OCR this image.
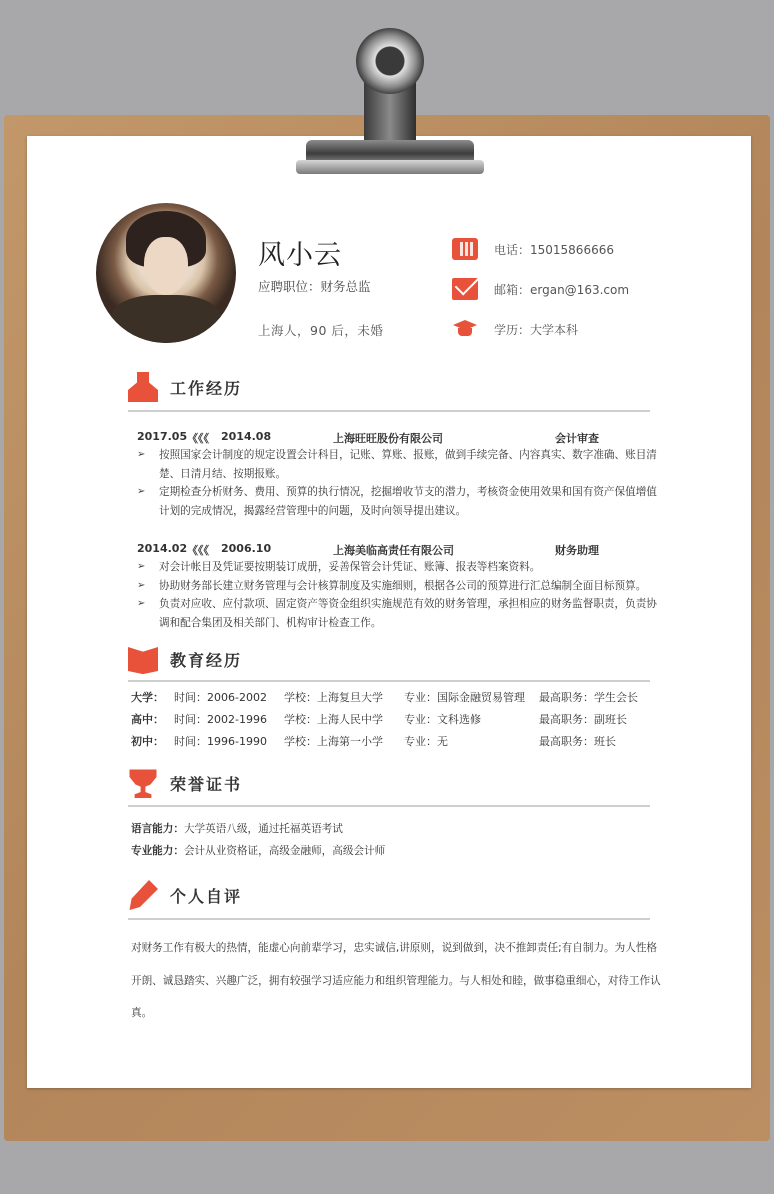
风小云
应聘职位：财务总监
上海人，90 后，未婚
电话：15015866666
邮箱：ergan@163.com
学历：大学本科
工作经历
2017.05 《《《 2014.08	上海旺旺股份有限公司	会计审查
➢ 按照国家会计制度的规定设置会计科目，记账、算账、报账，做到手续完备、内容真实、数字准确、账目清楚、日清月结、按期报账。
➢ 定期检查分析财务、费用、预算的执行情况，挖掘增收节支的潜力，考核资金使用效果和国有资产保值增值计划的完成情况，揭露经营管理中的问题，及时向领导提出建议。
2014.02 《《《 2006.10	上海美临高责任有限公司	财务助理
➢ 对会计帐目及凭证要按期装订成册，妥善保管会计凭证、账簿、报表等档案资料。
➢ 协助财务部长建立财务管理与会计核算制度及实施细则，根据各公司的预算进行汇总编制全面目标预算。
➢ 负责对应收、应付款项、固定资产等资金组织实施规范有效的财务管理，承担相应的财务监督职责，负责协调和配合集团及相关部门、机构审计检查工作。
教育经历
大学： 时间：2006-2002 学校：上海复旦大学 专业：国际金融贸易管理 最高职务：学生会长
高中： 时间：2002-1996 学校：上海人民中学 专业：文科选修	最高职务：副班长
初中： 时间：1996-1990 学校：上海第一小学 专业：无	最高职务：班长
荣誉证书
语言能力：大学英语八级，通过托福英语考试
专业能力：会计从业资格证，高级金融师，高级会计师
个人自评
对财务工作有极大的热情，能虚心向前辈学习，忠实诚信,讲原则，说到做到，决不推卸责任;有自制力。为人性格开朗、诚恳踏实、兴趣广泛，拥有较强学习适应能力和组织管理能力。与人相处和睦，做事稳重细心，对待工作认真。
